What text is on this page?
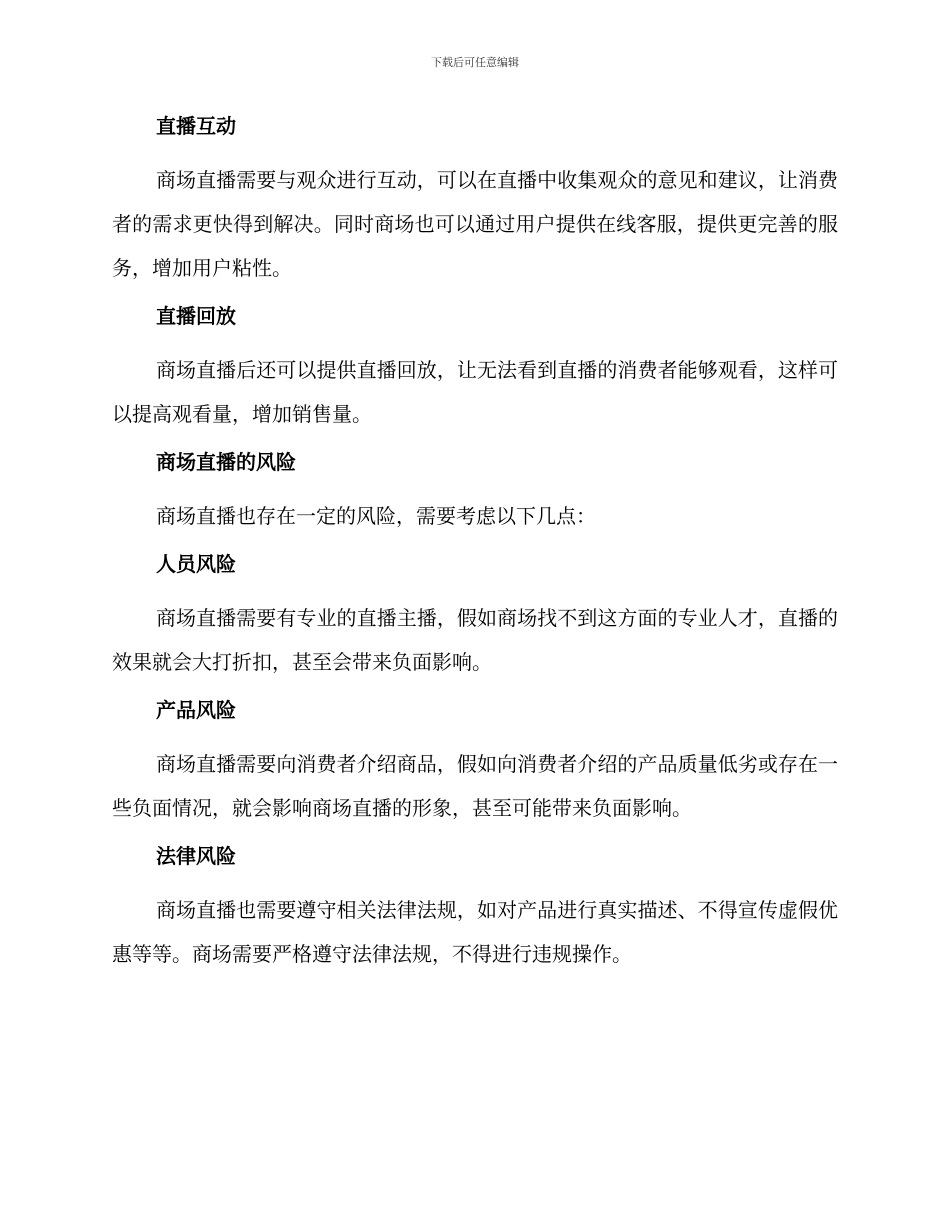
下载后可任意编辑
直播互动

商场直播需要与观众进行互动，可以在直播中收集观众的意见和建议，让消费者的需求更快得到解决。同时商场也可以通过用户提供在线客服，提供更完善的服务，增加用户粘性。

直播回放

商场直播后还可以提供直播回放，让无法看到直播的消费者能够观看，这样可以提高观看量，增加销售量。

商场直播的风险

商场直播也存在一定的风险，需要考虑以下几点：

人员风险

商场直播需要有专业的直播主播，假如商场找不到这方面的专业人才，直播的效果就会大打折扣，甚至会带来负面影响。

产品风险

商场直播需要向消费者介绍商品，假如向消费者介绍的产品质量低劣或存在一些负面情况，就会影响商场直播的形象，甚至可能带来负面影响。

法律风险

商场直播也需要遵守相关法律法规，如对产品进行真实描述、不得宣传虚假优惠等等。商场需要严格遵守法律法规，不得进行违规操作。
